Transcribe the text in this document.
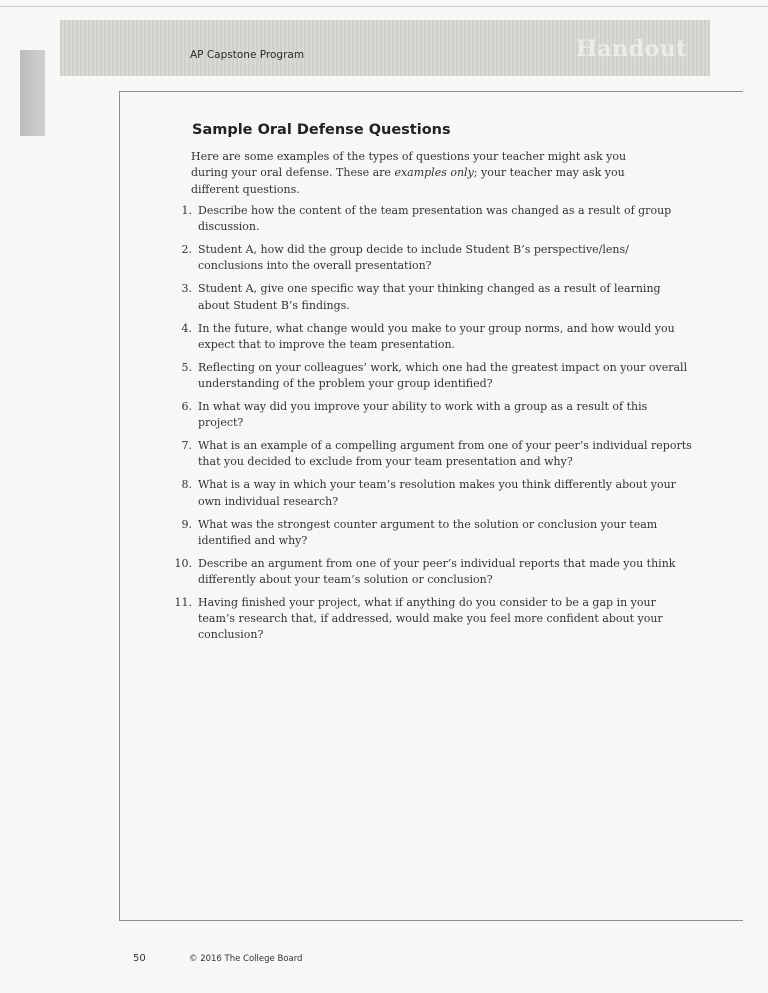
AP Capstone Program	Handout
Sample Oral Defense Questions
Here are some examples of the types of questions your teacher might ask you during your oral defense. These are examples only; your teacher may ask you different questions.
1. Describe how the content of the team presentation was changed as a result of group discussion.
2. Student A, how did the group decide to include Student B’s perspective/lens/ conclusions into the overall presentation?
3. Student A, give one specific way that your thinking changed as a result of learning about Student B’s findings.
4. In the future, what change would you make to your group norms, and how would you expect that to improve the team presentation.
5. Reflecting on your colleagues’ work, which one had the greatest impact on your overall understanding of the problem your group identified?
6. In what way did you improve your ability to work with a group as a result of this project?
7. What is an example of a compelling argument from one of your peer’s individual reports that you decided to exclude from your team presentation and why?
8. What is a way in which your team’s resolution makes you think differently about your own individual research?
9. What was the strongest counter argument to the solution or conclusion your team identified and why?
10. Describe an argument from one of your peer’s individual reports that made you think differently about your team’s solution or conclusion?
11. Having finished your project, what if anything do you consider to be a gap in your team’s research that, if addressed, would make you feel more confident about your conclusion?
50	© 2016 The College Board
